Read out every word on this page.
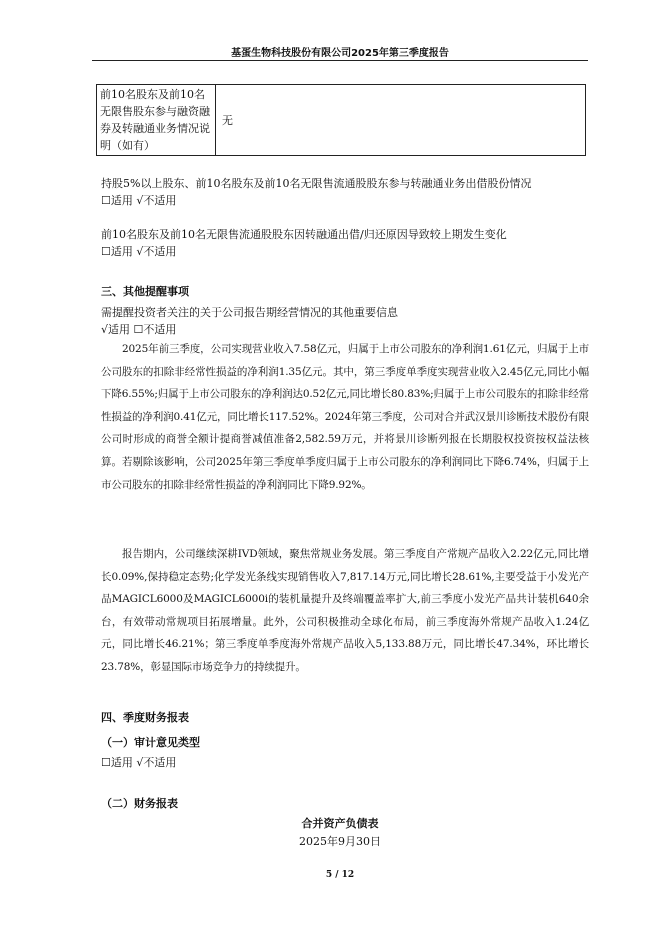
基蛋生物科技股份有限公司2025年第三季度报告
前10名股东及前10名无限售股东参与融资融券及转融通业务情况说明（如有）	无
持股5%以上股东、前10名股东及前10名无限售流通股股东参与转融通业务出借股份情况
☐适用 √不适用
前10名股东及前10名无限售流通股股东因转融通出借/归还原因导致较上期发生变化
☐适用 √不适用
三、其他提醒事项
需提醒投资者关注的关于公司报告期经营情况的其他重要信息
√适用 ☐不适用

2025年前三季度，公司实现营业收入7.58亿元，归属于上市公司股东的净利润1.61亿元，归属于上市公司股东的扣除非经常性损益的净利润1.35亿元。其中，第三季度单季度实现营业收入2.45亿元,同比小幅下降6.55%;归属于上市公司股东的净利润达0.52亿元,同比增长80.83%;归属于上市公司股东的扣除非经常性损益的净利润0.41亿元，同比增长117.52%。2024年第三季度，公司对合并武汉景川诊断技术股份有限公司时形成的商誉全额计提商誉减值准备2,582.59万元，并将景川诊断列报在长期股权投资按权益法核算。若剔除该影响，公司2025年第三季度单季度归属于上市公司股东的净利润同比下降6.74%，归属于上市公司股东的扣除非经常性损益的净利润同比下降9.92%。

报告期内，公司继续深耕IVD领域，聚焦常规业务发展。第三季度自产常规产品收入2.22亿元,同比增长0.09%,保持稳定态势;化学发光条线实现销售收入7,817.14万元,同比增长28.61%,主要受益于小发光产品MAGICL6000及MAGICL6000i的装机量提升及终端覆盖率扩大,前三季度小发光产品共计装机640余台，有效带动常规项目拓展增量。此外，公司积极推动全球化布局，前三季度海外常规产品收入1.24亿元，同比增长46.21%；第三季度单季度海外常规产品收入5,133.88万元，同比增长47.34%，环比增长23.78%，彰显国际市场竞争力的持续提升。

四、季度财务报表
（一）审计意见类型
☐适用 √不适用
（二）财务报表
合并资产负债表
2025年9月30日
5 / 12
